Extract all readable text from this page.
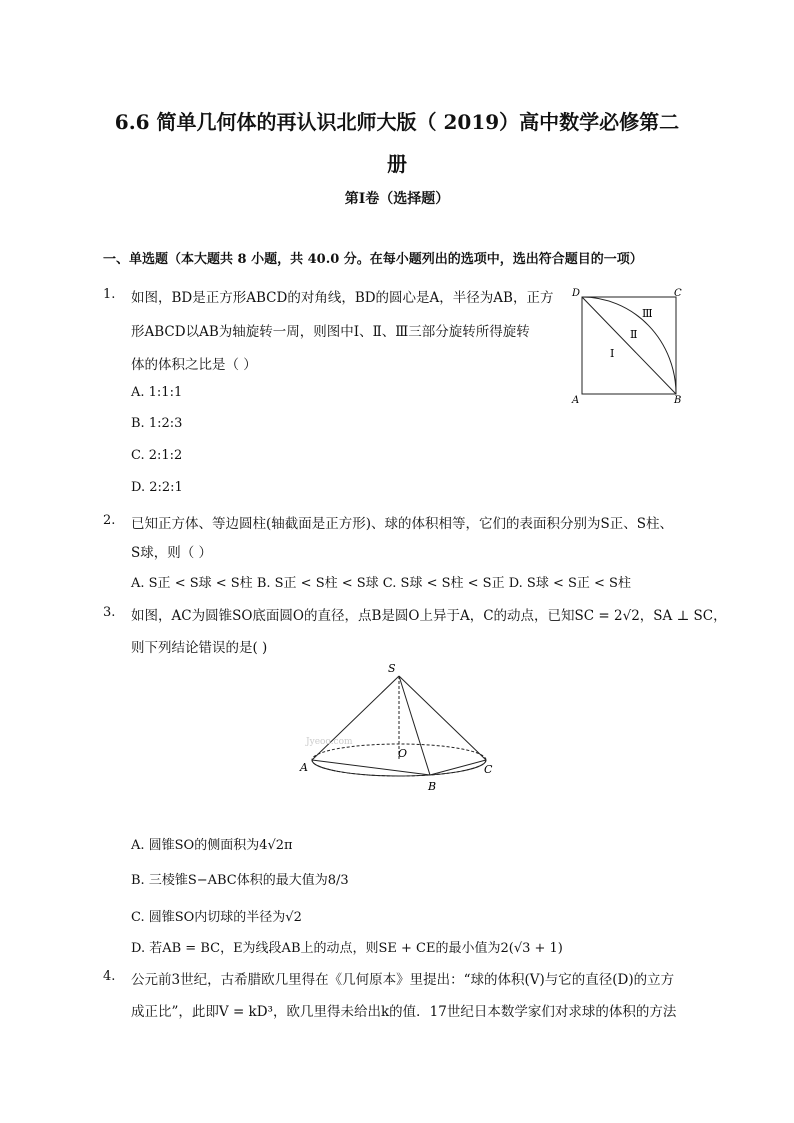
6.6 简单几何体的再认识北师大版（ 2019）高中数学必修第二
册
第I卷（选择题）
一、单选题（本大题共 8 小题，共 40.0 分。在每小题列出的选项中，选出符合题目的一项）
1. 如图，BD是正方形ABCD的对角线，BD的圆心是A，半径为AB，正方
形ABCD以AB为轴旋转一周，则图中Ⅰ、Ⅱ、Ⅲ三部分旋转所得旋转
体的体积之比是（ ）
A. 1:1:1
B. 1:2:3
C. 2:1:2
D. 2:2:1
D	C
A	B
I
Ⅱ
Ⅲ
2. 已知正方体、等边圆柱(轴截面是正方形)、球的体积相等，它们的表面积分别为S正、S柱、
S球，则（ ）
A. S正 < S球 < S柱 B. S正 < S柱 < S球 C. S球 < S柱 < S正 D. S球 < S正 < S柱
3. 如图，AC为圆锥SO底面圆O的直径，点B是圆O上异于A，C的动点，已知SC = 2√2，SA ⊥ SC，
则下列结论错误的是( )
Jyeoo.com
S
O
A
B
C
A. 圆锥SO的侧面积为4√2π
B. 三棱锥S−ABC体积的最大值为8/3
C. 圆锥SO内切球的半径为√2
D. 若AB = BC，E为线段AB上的动点，则SE + CE的最小值为2(√3 + 1)
4. 公元前3世纪，古希腊欧几里得在《几何原本》里提出：“球的体积(V)与它的直径(D)的立方
成正比”，此即V = kD³，欧几里得未给出k的值．17世纪日本数学家们对求球的体积的方法
